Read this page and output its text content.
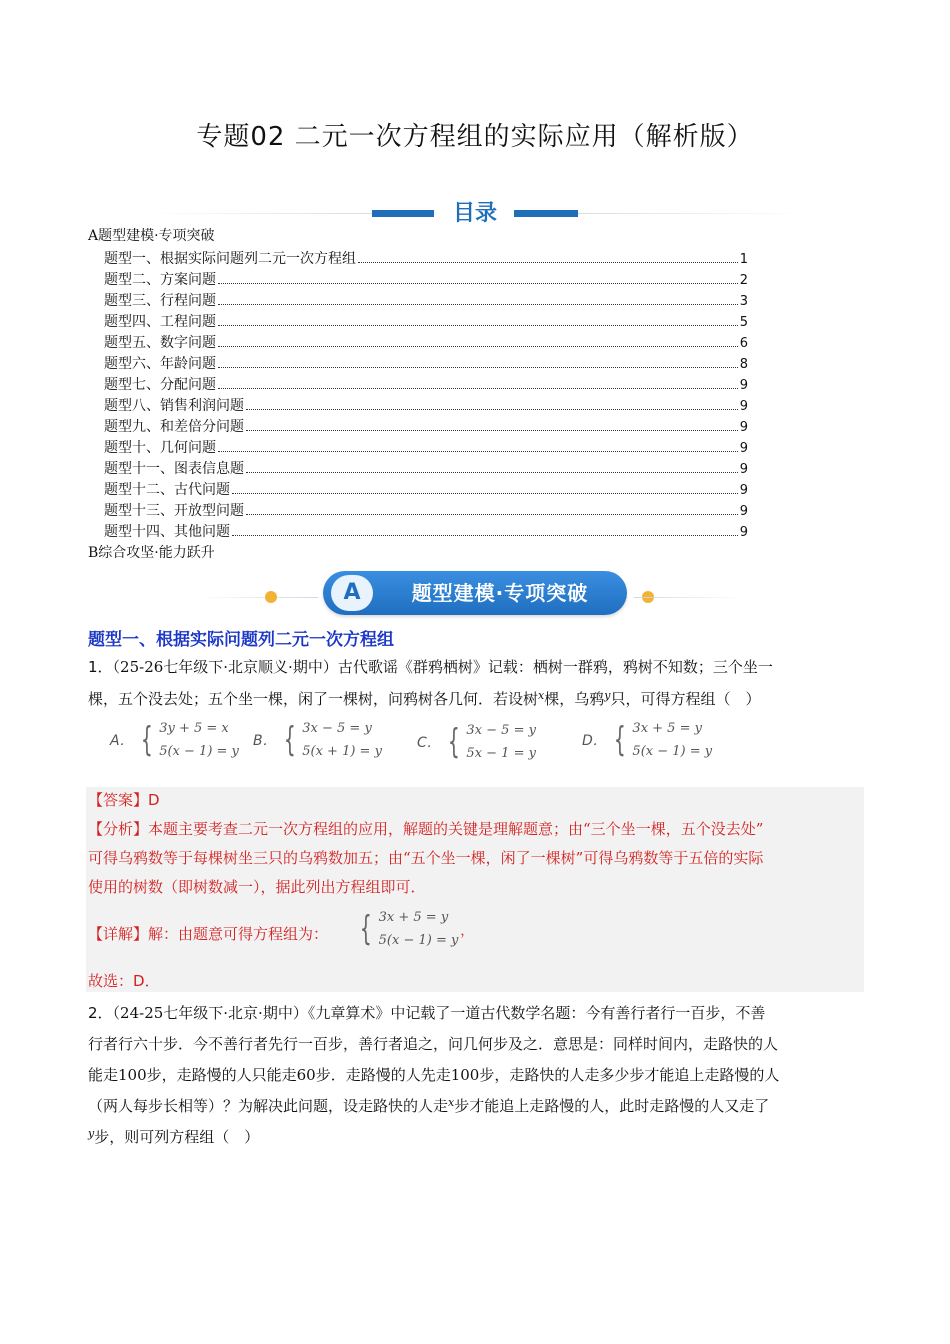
专题02 二元一次方程组的实际应用（解析版）
目录
A题型建模·专项突破
题型一、根据实际问题列二元一次方程组	1
题型二、方案问题	2
题型三、行程问题	3
题型四、工程问题	5
题型五、数字问题	6
题型六、年龄问题	8
题型七、分配问题	9
题型八、销售利润问题	9
题型九、和差倍分问题	9
题型十、几何问题	9
题型十一、图表信息题	9
题型十二、古代问题	9
题型十三、开放型问题	9
题型十四、其他问题	9
B综合攻坚·能力跃升
A	题型建模·专项突破
题型一、根据实际问题列二元一次方程组
1．（25-26七年级下·北京顺义·期中）古代歌谣《群鸦栖树》记载：栖树一群鸦，鸦树不知数；三个坐一
棵，五个没去处；五个坐一棵，闲了一棵树，问鸦树各几何．若设树$^x$棵，乌鸦$^y$只，可得方程组（　）
A． { 3y + 5 = x
5(x − 1) = y
B． { 3x − 5 = y
5(x + 1) = y
C． { 3x − 5 = y
5x − 1 = y
D． { 3x + 5 = y
5(x − 1) = y
【答案】D
【分析】本题主要考查二元一次方程组的应用，解题的关键是理解题意；由“三个坐一棵，五个没去处”
可得乌鸦数等于每棵树坐三只的乌鸦数加五；由“五个坐一棵，闲了一棵树”可得乌鸦数等于五倍的实际
使用的树数（即树数减一），据此列出方程组即可．
【详解】解：由题意可得方程组为： { 3x + 5 = y
5(x − 1) = y
，
故选：D．
2．（24-25七年级下·北京·期中）《九章算术》中记载了一道古代数学名题：今有善行者行一百步，不善
行者行六十步．今不善行者先行一百步，善行者追之，问几何步及之．意思是：同样时间内，走路快的人
能走100步，走路慢的人只能走60步．走路慢的人先走100步，走路快的人走多少步才能追上走路慢的人
（两人每步长相等）？为解决此问题，设走路快的人走$^x$步才能追上走路慢的人，此时走路慢的人又走了
$^y$步，则可列方程组（　）
